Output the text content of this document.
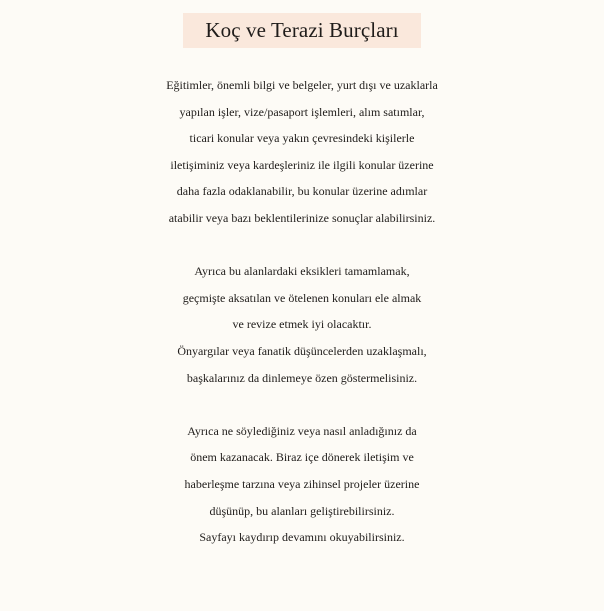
Koç ve Terazi Burçları

Eğitimler, önemli bilgi ve belgeler, yurt dışı ve uzaklarla
yapılan işler, vize/pasaport işlemleri, alım satımlar,
ticari konular veya yakın çevresindeki kişilerle
iletişiminiz veya kardeşleriniz ile ilgili konular üzerine
daha fazla odaklanabilir, bu konular üzerine adımlar
atabilir veya bazı beklentilerinize sonuçlar alabilirsiniz.

Ayrıca bu alanlardaki eksikleri tamamlamak,
geçmişte aksatılan ve ötelenen konuları ele almak
ve revize etmek iyi olacaktır.
Önyargılar veya fanatik düşüncelerden uzaklaşmalı,
başkalarınız da dinlemeye özen göstermelisiniz.

Ayrıca ne söylediğiniz veya nasıl anladığınız da
önem kazanacak. Biraz içe dönerek iletişim ve
haberleşme tarzına veya zihinsel projeler üzerine
düşünüp, bu alanları geliştirebilirsiniz.
Sayfayı kaydırıp devamını okuyabilirsiniz.
